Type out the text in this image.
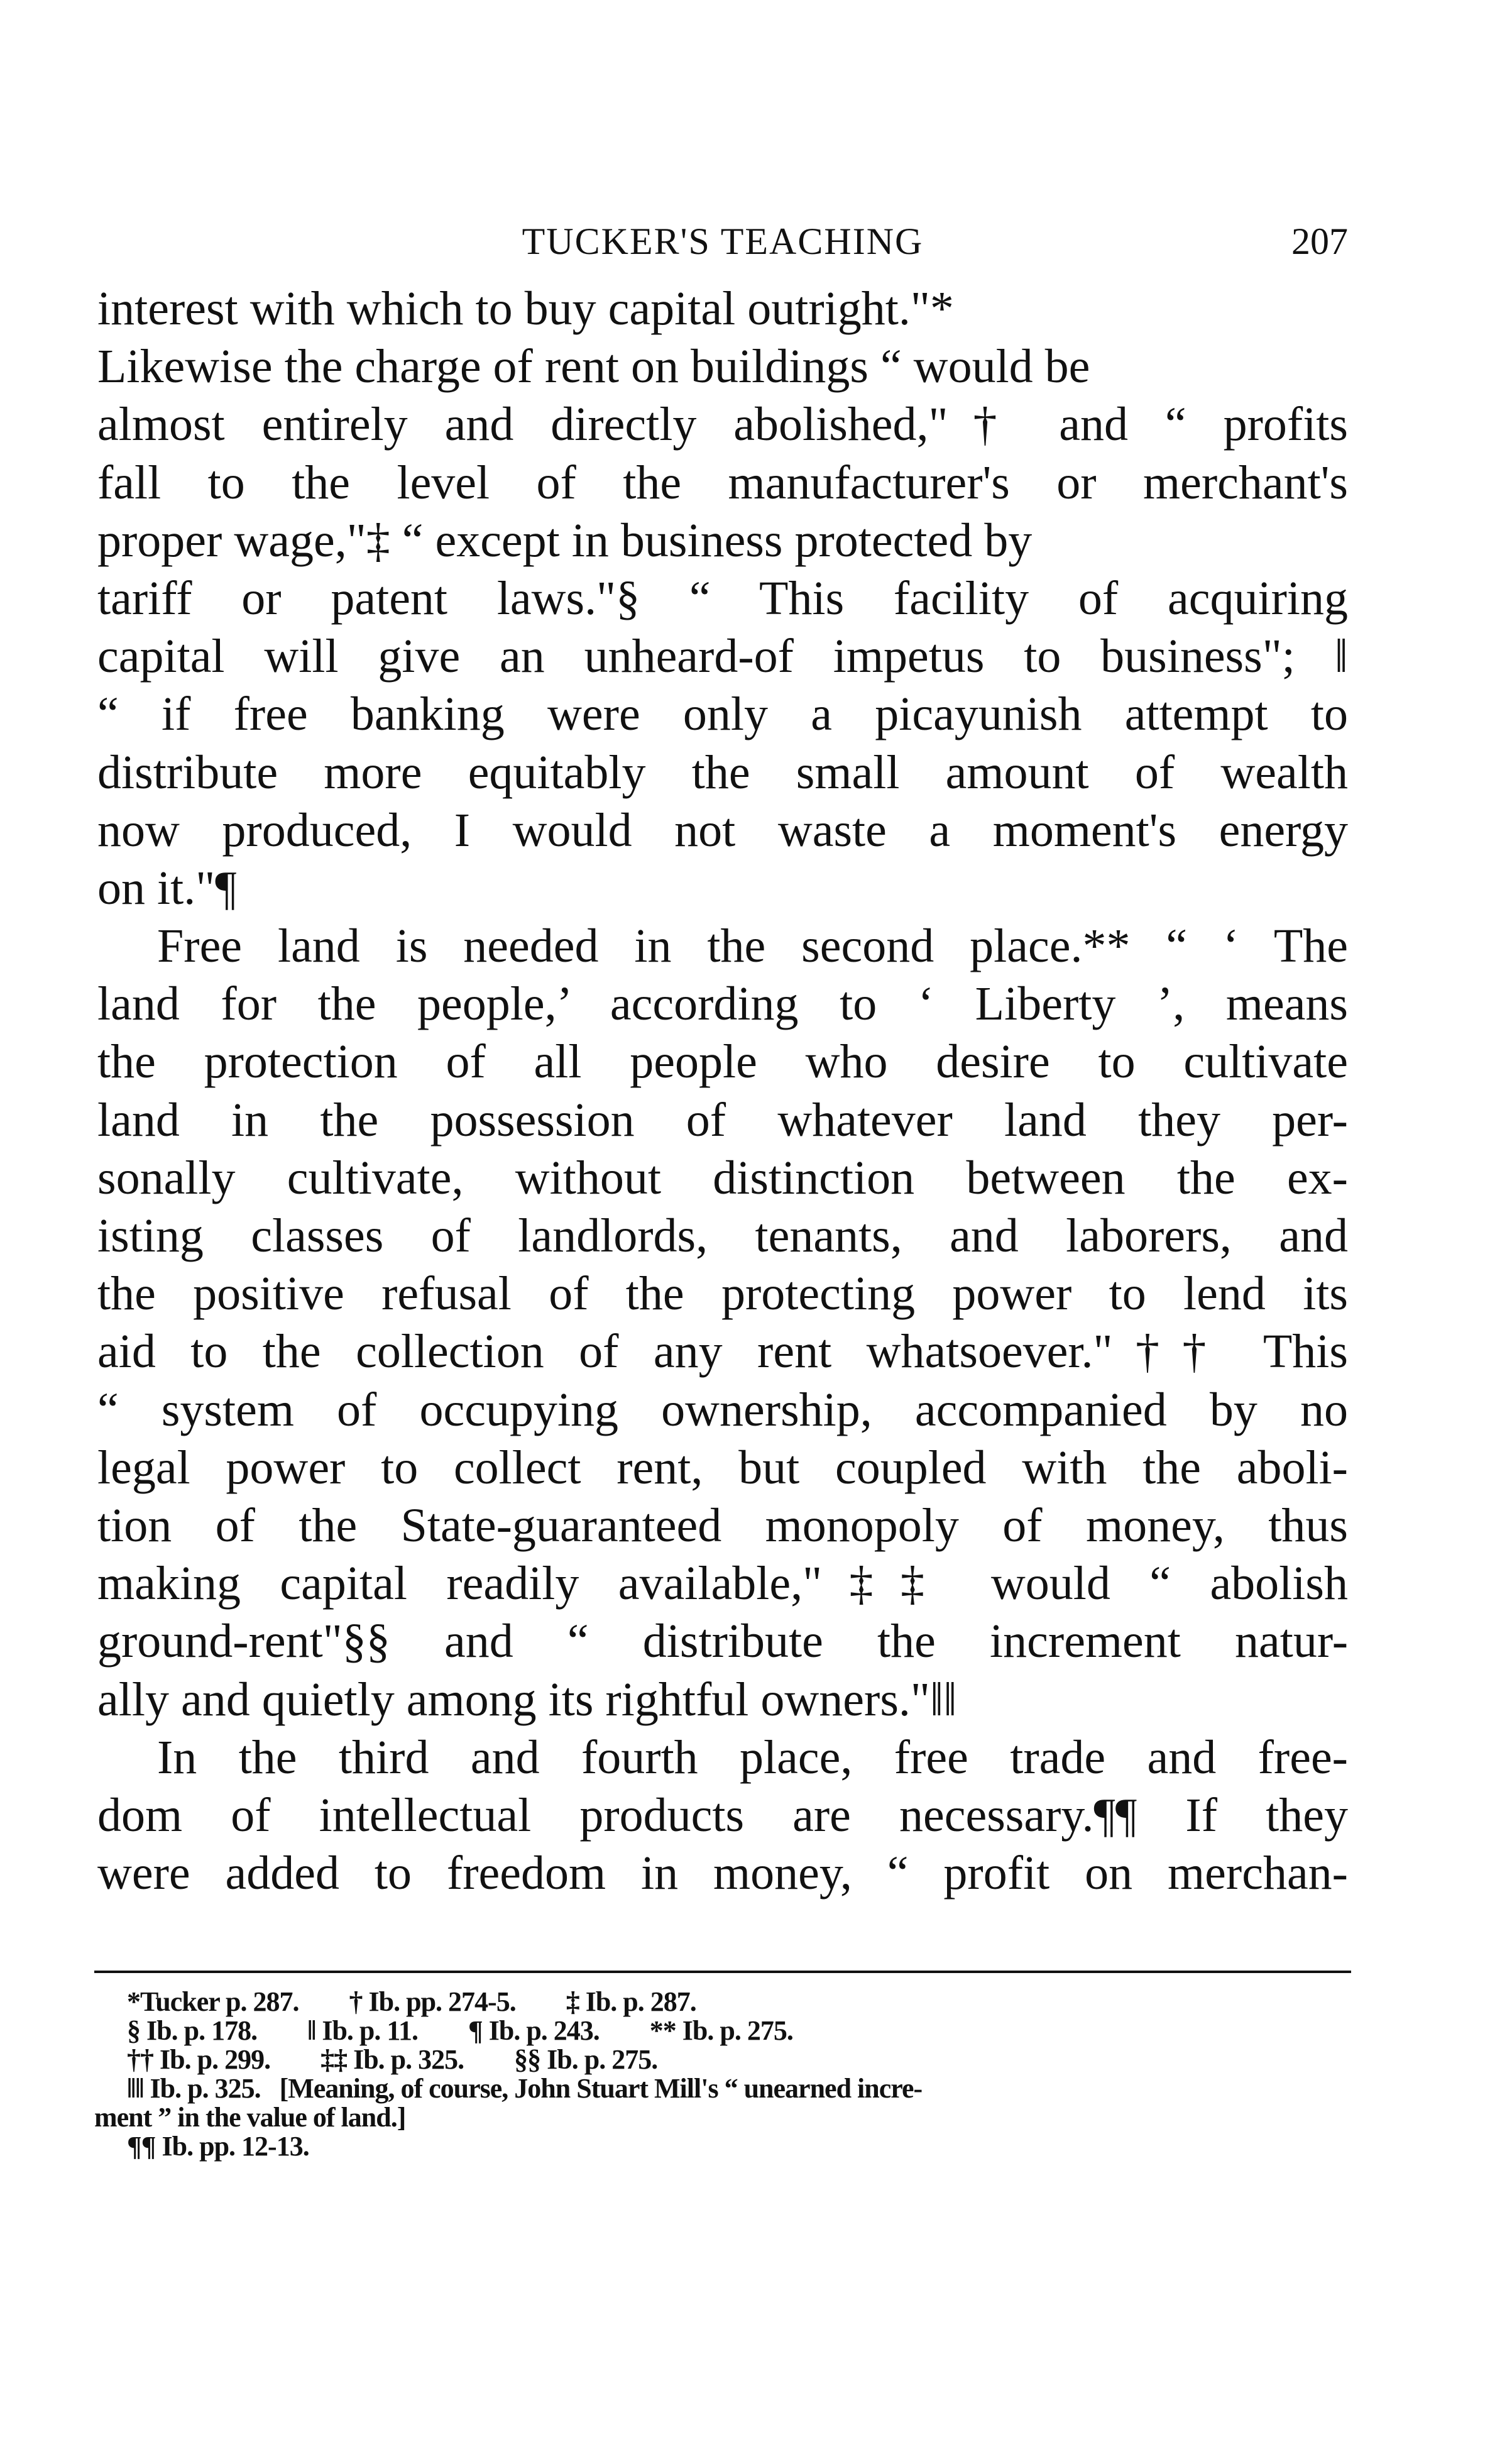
TUCKER'S TEACHING	207
interest with which to buy capital outright."*
Likewise the charge of rent on buildings “ would be
almost entirely and directly abolished,"† and “ profits
fall to the level of the manufacturer's or merchant's
proper wage,"‡ “ except in business protected by
tariff or patent laws."§ “ This facility of acquiring
capital will give an unheard-of impetus to business"; ‖
“ if free banking were only a picayunish attempt to
distribute more equitably the small amount of wealth
now produced, I would not waste a moment's energy
on it."¶
Free land is needed in the second place.** “ ‘ The
land for the people,’ according to ‘ Liberty ’, means
the protection of all people who desire to cultivate
land in the possession of whatever land they per-
sonally cultivate, without distinction between the ex-
isting classes of landlords, tenants, and laborers, and
the positive refusal of the protecting power to lend its
aid to the collection of any rent whatsoever."†† This
“ system of occupying ownership, accompanied by no
legal power to collect rent, but coupled with the aboli-
tion of the State-guaranteed monopoly of money, thus
making capital readily available,"‡‡ would “ abolish
ground-rent"§§ and “ distribute the increment natur-
ally and quietly among its rightful owners."‖‖
In the third and fourth place, free trade and free-
dom of intellectual products are necessary.¶¶ If they
were added to freedom in money, “ profit on merchan-
*Tucker p. 287.        † Ib. pp. 274-5.        ‡ Ib. p. 287.
§ Ib. p. 178.        ‖ Ib. p. 11.        ¶ Ib. p. 243.        ** Ib. p. 275.
†† Ib. p. 299.        ‡‡ Ib. p. 325.        §§ Ib. p. 275.
‖‖ Ib. p. 325.   [Meaning, of course, John Stuart Mill's “ unearned incre-
ment ” in the value of land.]
¶¶ Ib. pp. 12-13.
